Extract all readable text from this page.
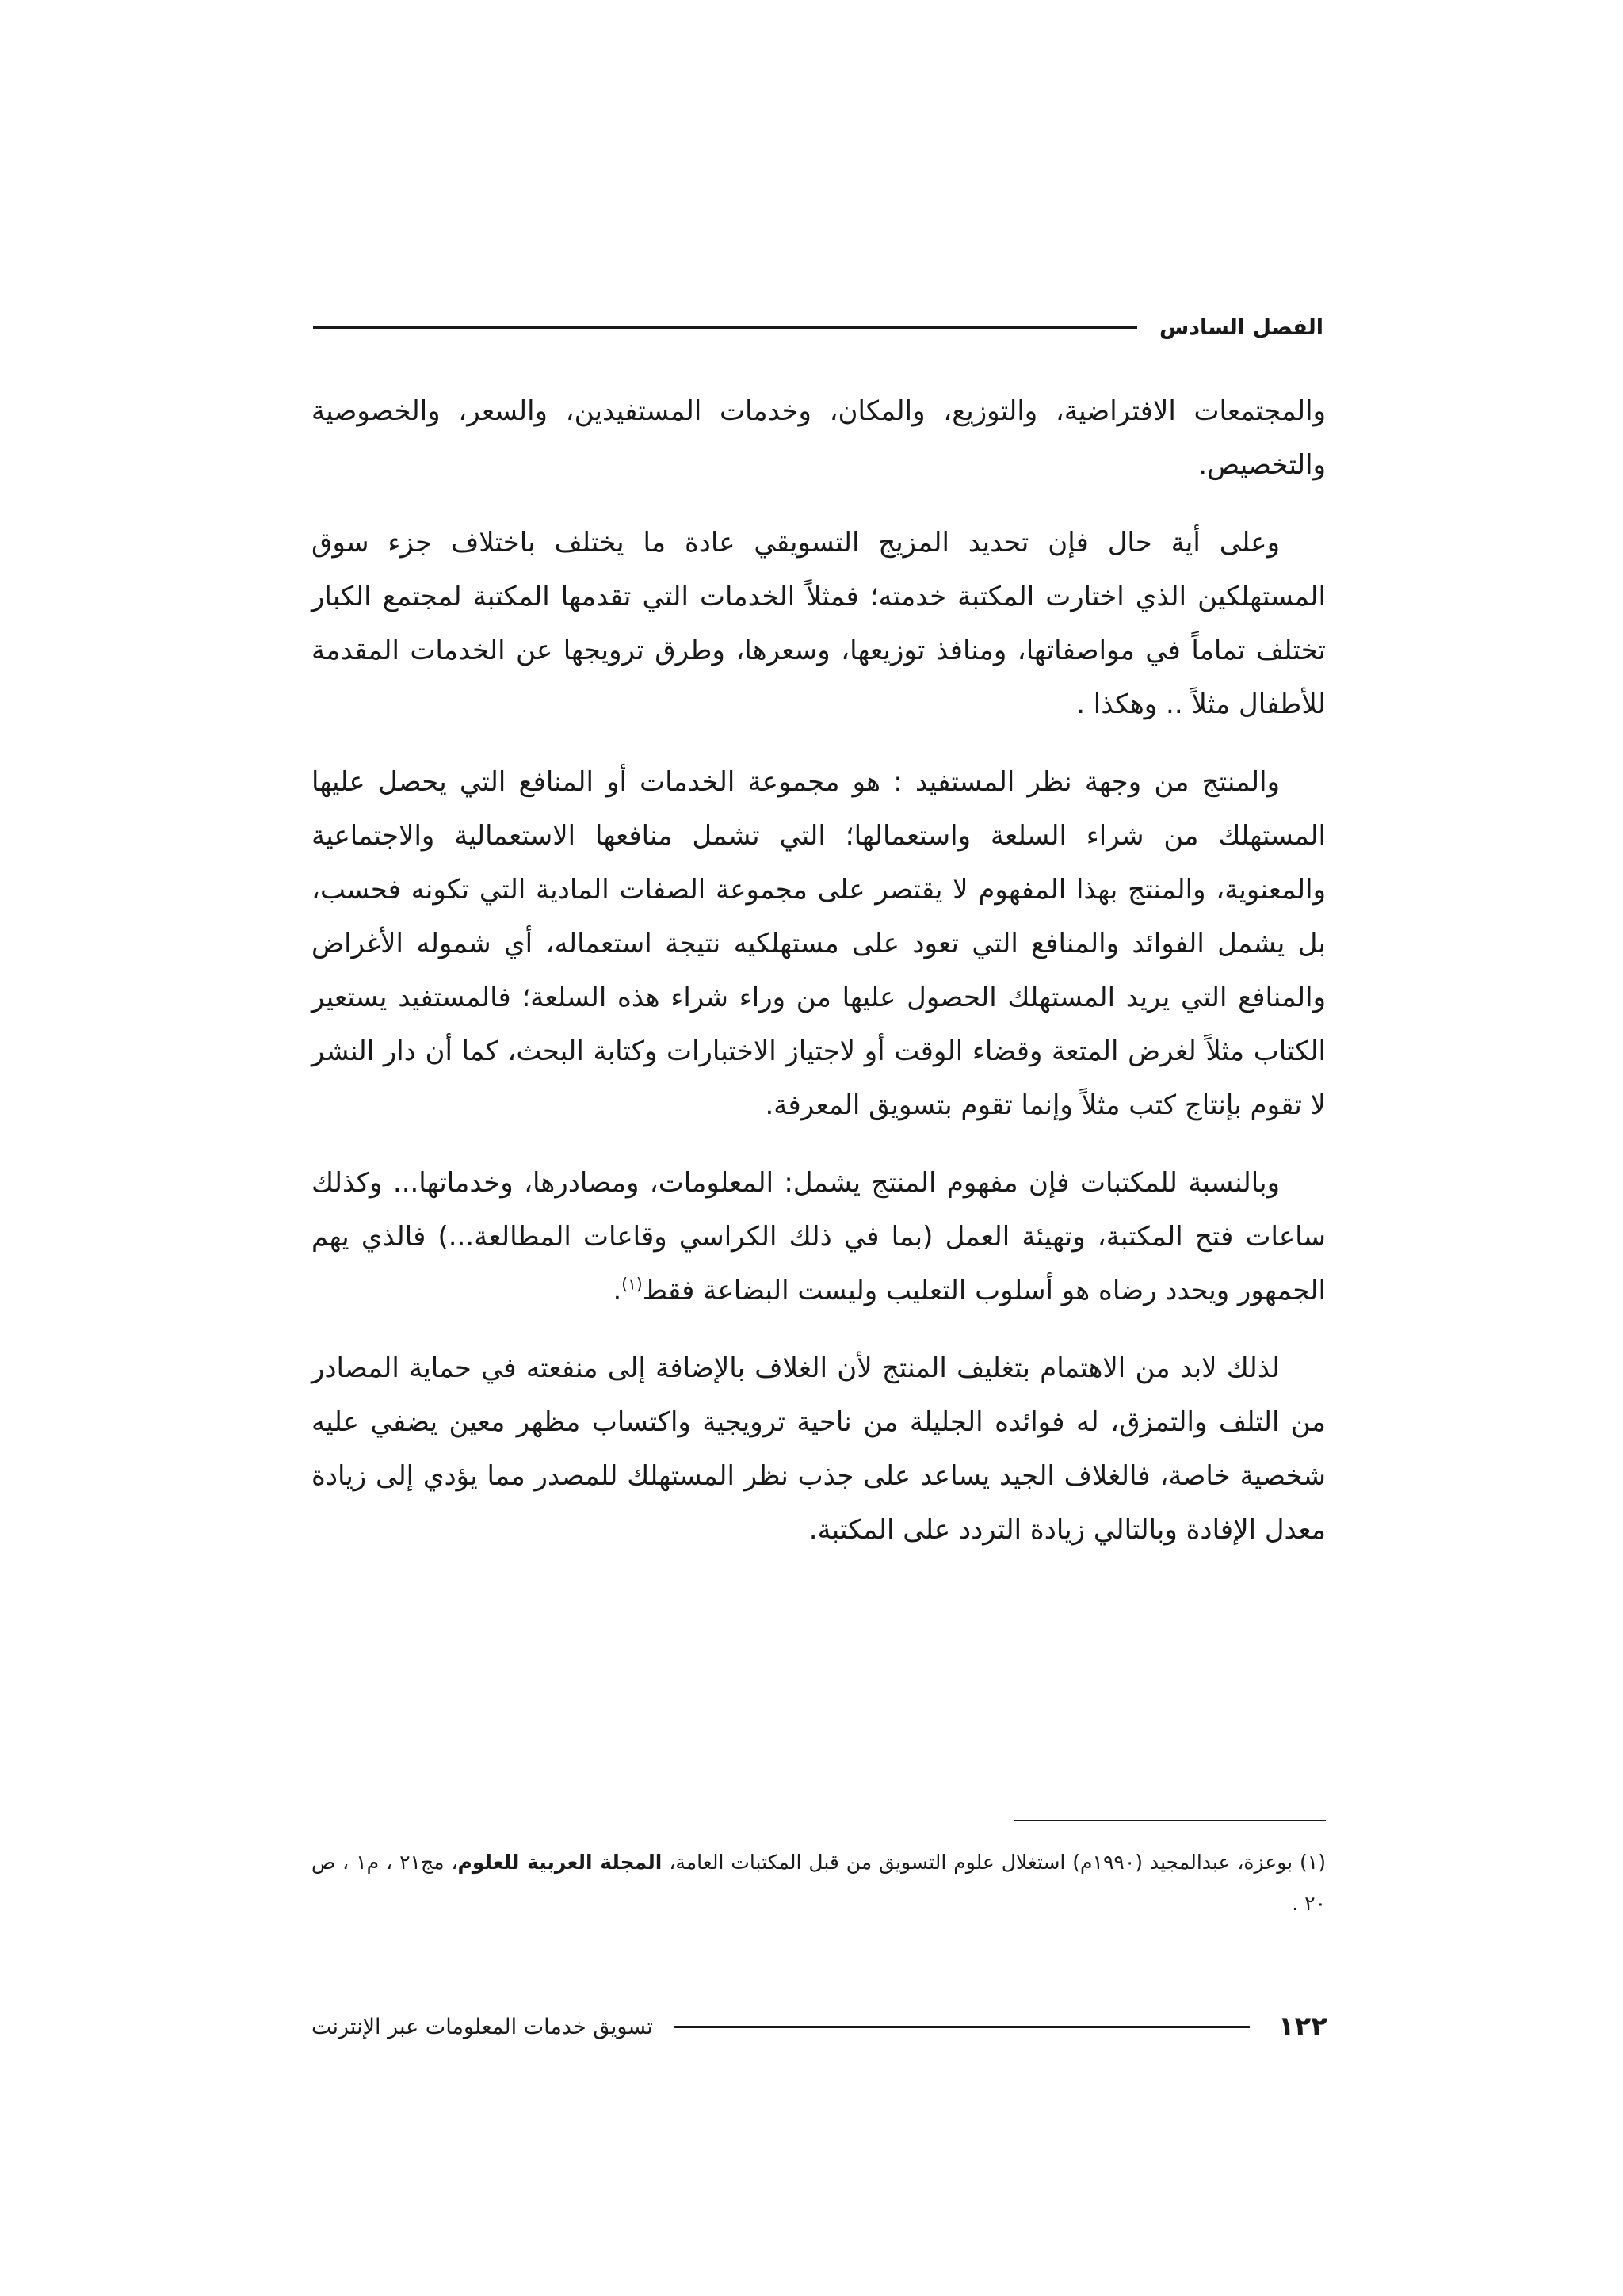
الفصل السادس

والمجتمعات الافتراضية، والتوزيع، والمكان، وخدمات المستفيدين، والسعر، والخصوصية والتخصيص.

وعلى أية حال فإن تحديد المزيج التسويقي عادة ما يختلف باختلاف جزء سوق المستهلكين الذي اختارت المكتبة خدمته؛ فمثلاً الخدمات التي تقدمها المكتبة لمجتمع الكبار تختلف تماماً في مواصفاتها، ومنافذ توزيعها، وسعرها، وطرق ترويجها عن الخدمات المقدمة للأطفال مثلاً .. وهكذا .

والمنتج من وجهة نظر المستفيد : هو مجموعة الخدمات أو المنافع التي يحصل عليها المستهلك من شراء السلعة واستعمالها؛ التي تشمل منافعها الاستعمالية والاجتماعية والمعنوية، والمنتج بهذا المفهوم لا يقتصر على مجموعة الصفات المادية التي تكونه فحسب، بل يشمل الفوائد والمنافع التي تعود على مستهلكيه نتيجة استعماله، أي شموله الأغراض والمنافع التي يريد المستهلك الحصول عليها من وراء شراء هذه السلعة؛ فالمستفيد يستعير الكتاب مثلاً لغرض المتعة وقضاء الوقت أو لاجتياز الاختبارات وكتابة البحث، كما أن دار النشر لا تقوم بإنتاج كتب مثلاً وإنما تقوم بتسويق المعرفة.

وبالنسبة للمكتبات فإن مفهوم المنتج يشمل: المعلومات، ومصادرها، وخدماتها... وكذلك ساعات فتح المكتبة، وتهيئة العمل (بما في ذلك الكراسي وقاعات المطالعة...) فالذي يهم الجمهور ويحدد رضاه هو أسلوب التعليب وليست البضاعة فقط$^{(١)}$.

لذلك لابد من الاهتمام بتغليف المنتج لأن الغلاف بالإضافة إلى منفعته في حماية المصادر من التلف والتمزق، له فوائده الجليلة من ناحية ترويجية واكتساب مظهر معين يضفي عليه شخصية خاصة، فالغلاف الجيد يساعد على جذب نظر المستهلك للمصدر مما يؤدي إلى زيادة معدل الإفادة وبالتالي زيادة التردد على المكتبة.

(١) بوعزة، عبدالمجيد (١٩٩٠م) استغلال علوم التسويق من قبل المكتبات العامة، المجلة العربية للعلوم، مج٢١ ، م١ ، ص ٢٠ .
١٢٢
تسويق خدمات المعلومات عبر الإنترنت
